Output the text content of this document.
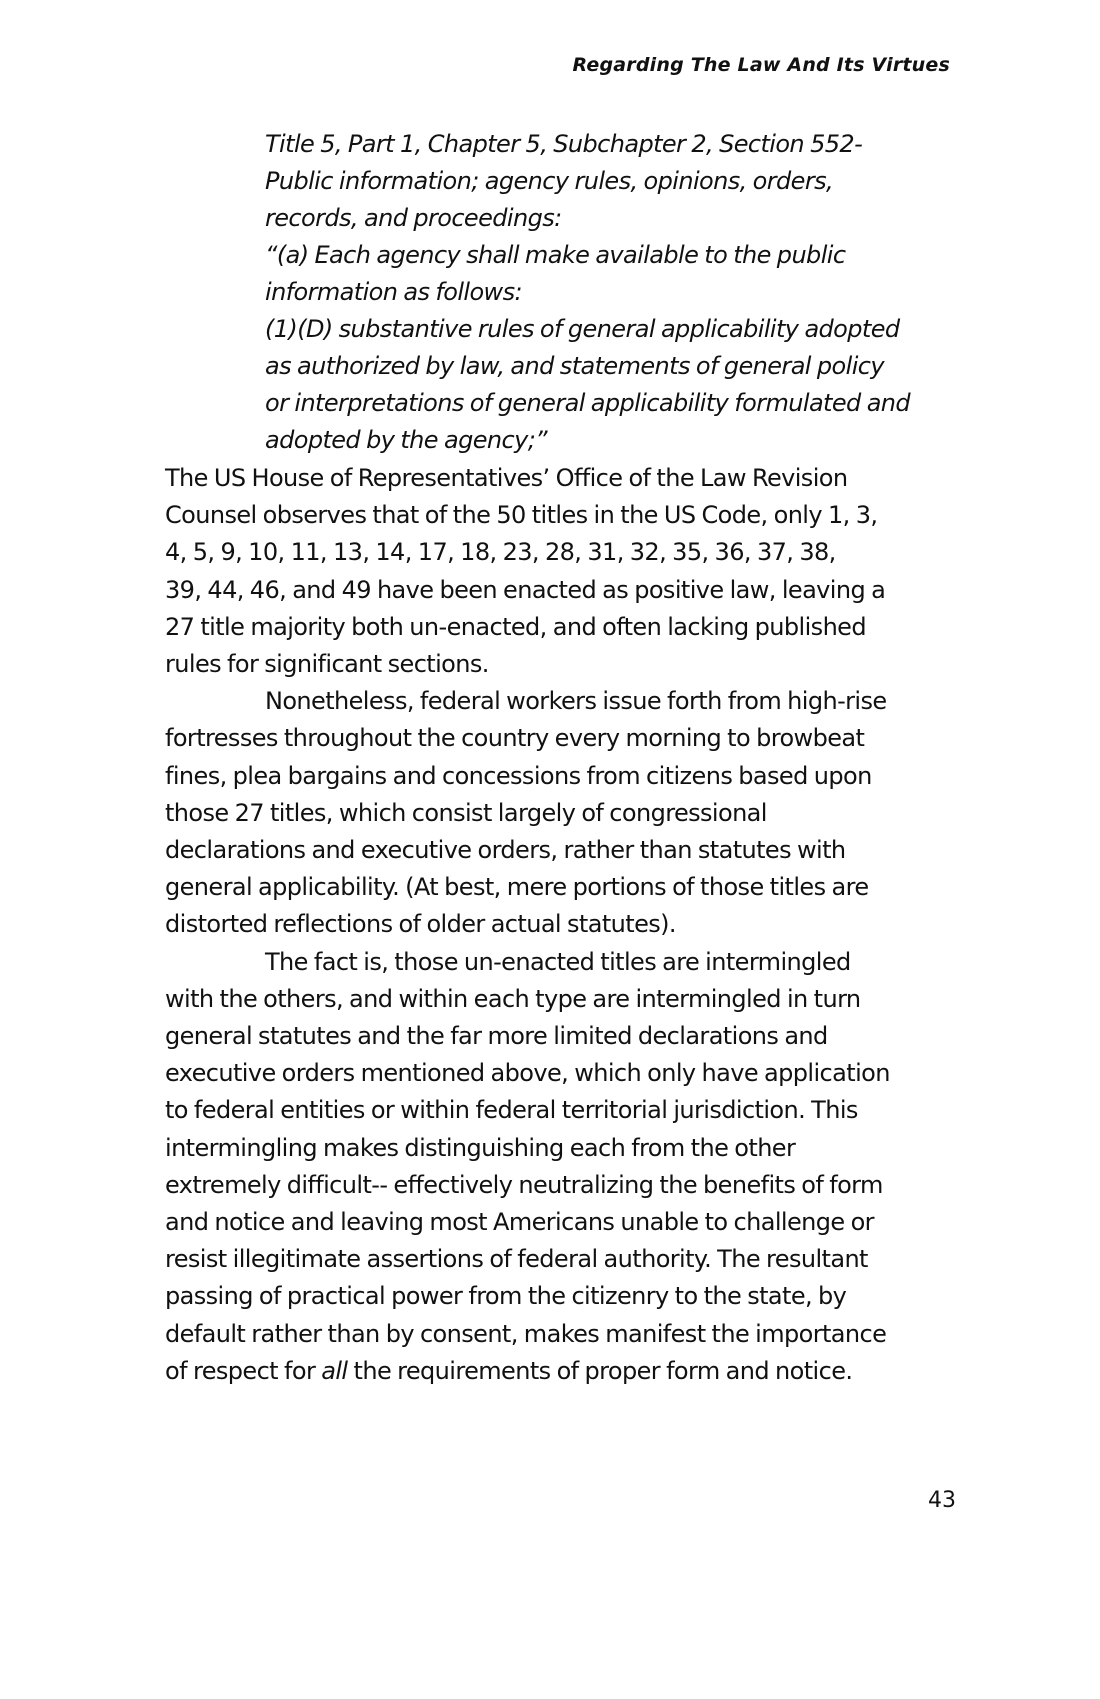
Regarding The Law And Its Virtues
Title 5, Part 1, Chapter 5, Subchapter 2, Section 552-
Public information; agency rules, opinions, orders,
records, and proceedings:
“(a) Each agency shall make available to the public
information as follows:
(1)(D) substantive rules of general applicability adopted
as authorized by law, and statements of general policy
or interpretations of general applicability formulated and
adopted by the agency;”
The US House of Representatives’ Office of the Law Revision
Counsel observes that of the 50 titles in the US Code, only 1, 3,
4, 5, 9, 10, 11, 13, 14, 17, 18, 23, 28, 31, 32, 35, 36, 37, 38,
39, 44, 46, and 49 have been enacted as positive law, leaving a
27 title majority both un-enacted, and often lacking published
rules for significant sections.
Nonetheless, federal workers issue forth from high-rise
fortresses throughout the country every morning to browbeat
fines, plea bargains and concessions from citizens based upon
those 27 titles, which consist largely of congressional
declarations and executive orders, rather than statutes with
general applicability. (At best, mere portions of those titles are
distorted reflections of older actual statutes).
The fact is, those un-enacted titles are intermingled
with the others, and within each type are intermingled in turn
general statutes and the far more limited declarations and
executive orders mentioned above, which only have application
to federal entities or within federal territorial jurisdiction. This
intermingling makes distinguishing each from the other
extremely difficult-- effectively neutralizing the benefits of form
and notice and leaving most Americans unable to challenge or
resist illegitimate assertions of federal authority. The resultant
passing of practical power from the citizenry to the state, by
default rather than by consent, makes manifest the importance
of respect for all the requirements of proper form and notice.
43
